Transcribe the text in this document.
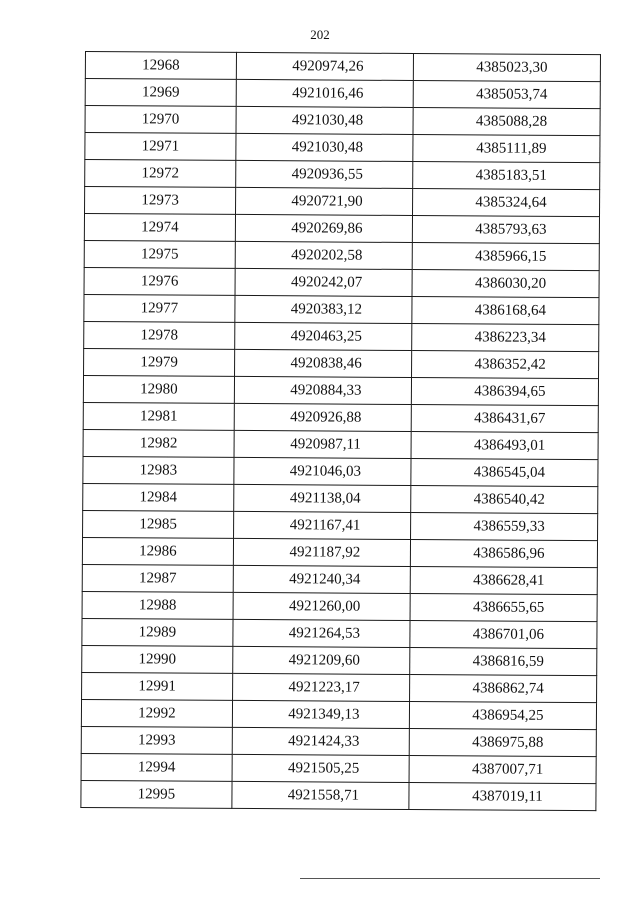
202
12968	4920974,26	4385023,30
12969	4921016,46	4385053,74
12970	4921030,48	4385088,28
12971	4921030,48	4385111,89
12972	4920936,55	4385183,51
12973	4920721,90	4385324,64
12974	4920269,86	4385793,63
12975	4920202,58	4385966,15
12976	4920242,07	4386030,20
12977	4920383,12	4386168,64
12978	4920463,25	4386223,34
12979	4920838,46	4386352,42
12980	4920884,33	4386394,65
12981	4920926,88	4386431,67
12982	4920987,11	4386493,01
12983	4921046,03	4386545,04
12984	4921138,04	4386540,42
12985	4921167,41	4386559,33
12986	4921187,92	4386586,96
12987	4921240,34	4386628,41
12988	4921260,00	4386655,65
12989	4921264,53	4386701,06
12990	4921209,60	4386816,59
12991	4921223,17	4386862,74
12992	4921349,13	4386954,25
12993	4921424,33	4386975,88
12994	4921505,25	4387007,71
12995	4921558,71	4387019,11
